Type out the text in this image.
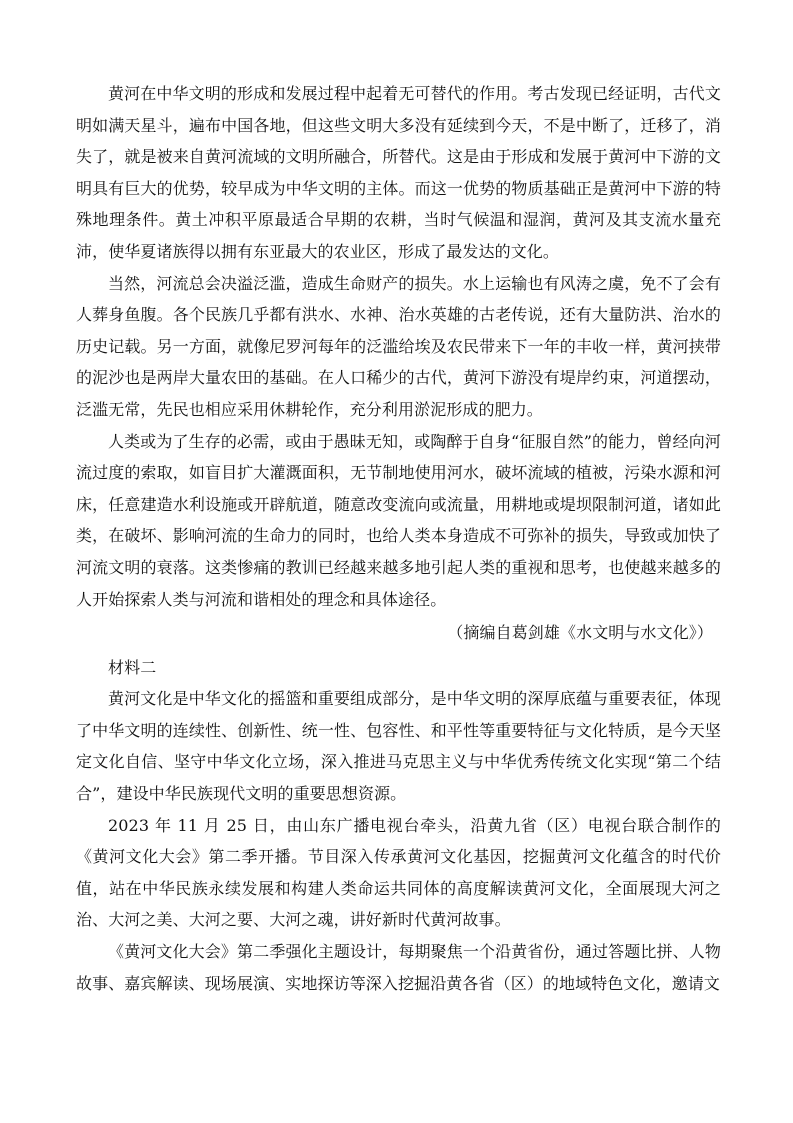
黄河在中华文明的形成和发展过程中起着无可替代的作用。考古发现已经证明，古代文明如满天星斗，遍布中国各地，但这些文明大多没有延续到今天，不是中断了，迁移了，消失了，就是被来自黄河流域的文明所融合，所替代。这是由于形成和发展于黄河中下游的文明具有巨大的优势，较早成为中华文明的主体。而这一优势的物质基础正是黄河中下游的特殊地理条件。黄土冲积平原最适合早期的农耕，当时气候温和湿润，黄河及其支流水量充沛，使华夏诸族得以拥有东亚最大的农业区，形成了最发达的文化。

当然，河流总会决溢泛滥，造成生命财产的损失。水上运输也有风涛之虞，免不了会有人葬身鱼腹。各个民族几乎都有洪水、水神、治水英雄的古老传说，还有大量防洪、治水的历史记载。另一方面，就像尼罗河每年的泛滥给埃及农民带来下一年的丰收一样，黄河挟带的泥沙也是两岸大量农田的基础。在人口稀少的古代，黄河下游没有堤岸约束，河道摆动，泛滥无常，先民也相应采用休耕轮作，充分利用淤泥形成的肥力。

人类或为了生存的必需，或由于愚昧无知，或陶醉于自身“征服自然”的能力，曾经向河流过度的索取，如盲目扩大灌溉面积，无节制地使用河水，破坏流域的植被，污染水源和河床，任意建造水利设施或开辟航道，随意改变流向或流量，用耕地或堤坝限制河道，诸如此类，在破坏、影响河流的生命力的同时，也给人类本身造成不可弥补的损失，导致或加快了河流文明的衰落。这类惨痛的教训已经越来越多地引起人类的重视和思考，也使越来越多的人开始探索人类与河流和谐相处的理念和具体途径。

（摘编自葛剑雄《水文明与水文化》）

材料二

黄河文化是中华文化的摇篮和重要组成部分，是中华文明的深厚底蕴与重要表征，体现了中华文明的连续性、创新性、统一性、包容性、和平性等重要特征与文化特质，是今天坚定文化自信、坚守中华文化立场，深入推进马克思主义与中华优秀传统文化实现“第二个结合”，建设中华民族现代文明的重要思想资源。

2023 年 11 月 25 日，由山东广播电视台牵头，沿黄九省（区）电视台联合制作的《黄河文化大会》第二季开播。节目深入传承黄河文化基因，挖掘黄河文化蕴含的时代价值，站在中华民族永续发展和构建人类命运共同体的高度解读黄河文化，全面展现大河之治、大河之美、大河之要、大河之魂，讲好新时代黄河故事。

《黄河文化大会》第二季强化主题设计，每期聚焦一个沿黄省份，通过答题比拼、人物故事、嘉宾解读、现场展演、实地探访等深入挖掘沿黄各省（区）的地域特色文化，邀请文
